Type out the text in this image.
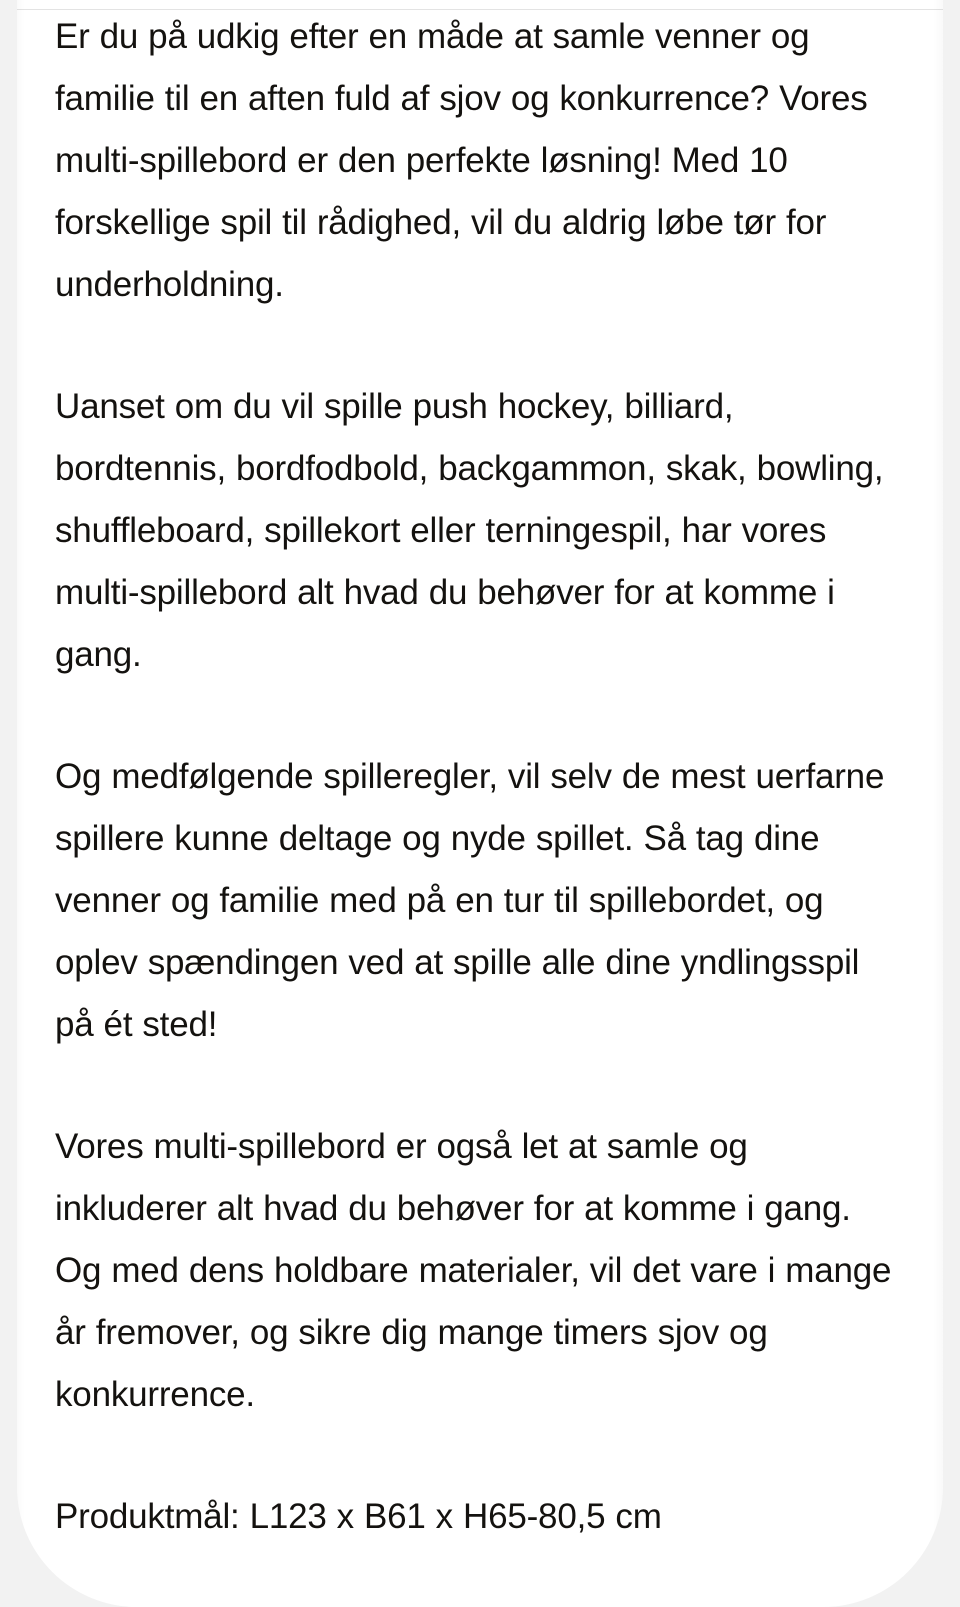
Er du på udkig efter en måde at samle venner og familie til en aften fuld af sjov og konkurrence? Vores multi-spillebord er den perfekte løsning! Med 10 forskellige spil til rådighed, vil du aldrig løbe tør for underholdning.

Uanset om du vil spille push hockey, billiard, bordtennis, bordfodbold, backgammon, skak, bowling, shuffleboard, spillekort eller terningespil, har vores multi-spillebord alt hvad du behøver for at komme i gang.

Og medfølgende spilleregler, vil selv de mest uerfarne spillere kunne deltage og nyde spillet. Så tag dine venner og familie med på en tur til spillebordet, og oplev spændingen ved at spille alle dine yndlingsspil på ét sted!

Vores multi-spillebord er også let at samle og inkluderer alt hvad du behøver for at komme i gang. Og med dens holdbare materialer, vil det vare i mange år fremover, og sikre dig mange timers sjov og konkurrence.

Produktmål: L123 x B61 x H65-80,5 cm
